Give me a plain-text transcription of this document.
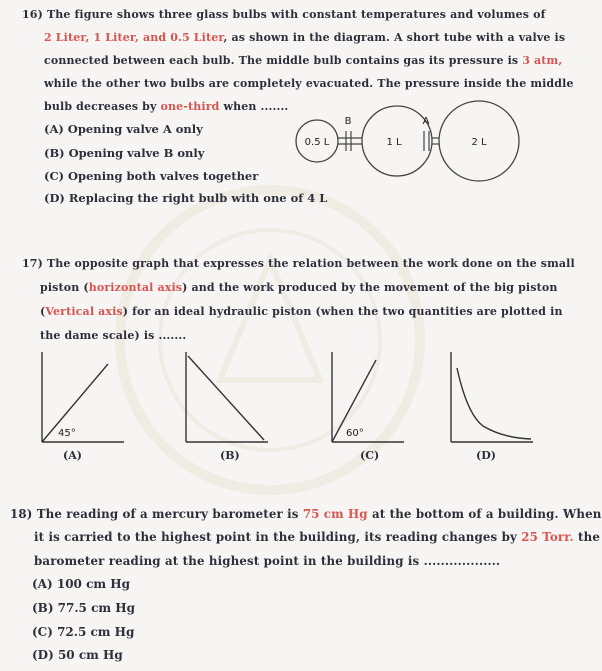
16) The figure shows three glass bulbs with constant temperatures and volumes of
2 Liter, 1 Liter, and 0.5 Liter, as shown in the diagram. A short tube with a valve is
connected between each bulb. The middle bulb contains gas its pressure is 3 atm,
while the other two bulbs are completely evacuated. The pressure inside the middle
bulb decreases by one-third when .......
(A) Opening valve A only
(B) Opening valve B only
(C) Opening both valves together
(D) Replacing the right bulb with one of 4 L
0.5 L	1 L	2 L
B	A
17) The opposite graph that expresses the relation between the work done on the small
piston (horizontal axis) and the work produced by the movement of the big piston
(Vertical axis) for an ideal hydraulic piston (when the two quantities are plotted in
the dame scale) is .......
45°
(A)	(B)
60°
(C)	(D)
18) The reading of a mercury barometer is 75 cm Hg at the bottom of a building. When
it is carried to the highest point in the building, its reading changes by 25 Torr. the
barometer reading at the highest point in the building is ..................
(A) 100 cm Hg
(B) 77.5 cm Hg
(C) 72.5 cm Hg
(D) 50 cm Hg
